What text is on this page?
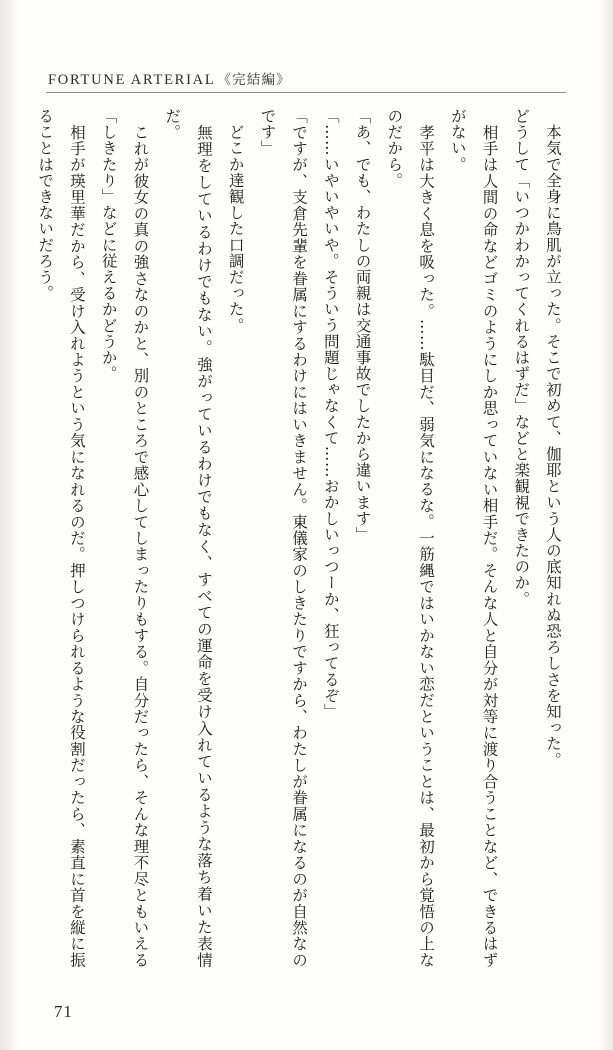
FORTUNE ARTERIAL 《完結編》

　本気で全身に鳥肌が立った。そこで初めて、伽耶という人の底知れぬ恐ろしさを知った。

どうして「いつかわかってくれるはずだ」などと楽観視できたのか。

　相手は人間の命などゴミのようにしか思っていない相手だ。そんな人と自分が対等に渡り合うことなど、できるはずがない。

　孝平は大きく息を吸った。……駄目だ、弱気になるな。一筋縄ではいかない恋だということは、最初から覚悟の上なのだから。

「あ、でも、わたしの両親は交通事故でしたから違います」

「……いやいやいや。そういう問題じゃなくて……おかしいっつーか、狂ってるぞ」

「ですが、支倉先輩を眷属にするわけにはいきません。東儀家のしきたりですから、わたしが眷属になるのが自然なのです」

　どこか達観した口調だった。

　無理をしているわけでもない。強がっているわけでもなく、すべての運命を受け入れているような落ち着いた表情だ。

　これが彼女の真の強さなのかと、別のところで感心してしまったりもする。自分だったら、そんな理不尽ともいえる「しきたり」などに従えるかどうか。

　相手が瑛里華だから、受け入れようという気になれるのだ。押しつけられるような役割だったら、素直に首を縦に振ることはできないだろう。

71
